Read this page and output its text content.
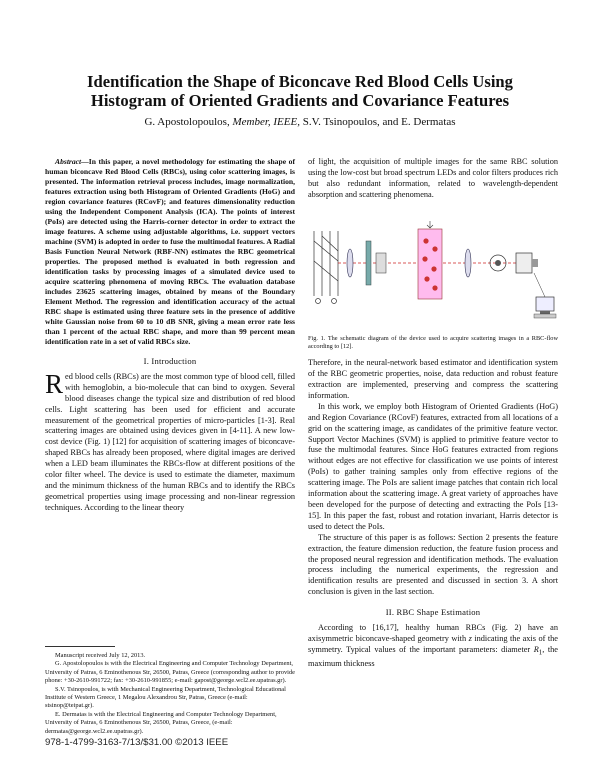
Identification the Shape of Biconcave Red Blood Cells Using
Histogram of Oriented Gradients and Covariance Features
G. Apostolopoulos, Member, IEEE, S.V. Tsinopoulos, and E. Dermatas

Abstract—In this paper, a novel methodology for estimating the shape of human biconcave Red Blood Cells (RBCs), using color scattering images, is presented. The information retrieval process includes, image normalization, features extraction using both Histogram of Oriented Gradients (HoG) and region covariance features (RCovF); and features dimensionality reduction using the Independent Component Analysis (ICA). The points of interest (PoIs) are detected using the Harris-corner detector in order to extract the image features. A scheme using adjustable algorithms, i.e. support vectors machine (SVM) is adopted in order to fuse the multimodal features. A Radial Basis Function Neural Network (RBF-NN) estimates the RBC geometrical properties. The proposed method is evaluated in both regression and identification tasks by processing images of a simulated device used to acquire scattering phenomena of moving RBCs. The evaluation database includes 23625 scattering images, obtained by means of the Boundary Element Method. The regression and identification accuracy of the actual RBC shape is estimated using three feature sets in the presence of additive white Gaussian noise from 60 to 10 dB SNR, giving a mean error rate less than 1 percent of the actual RBC shape, and more than 99 percent mean identification rate in a set of valid RBCs size.

I. Introduction

Red blood cells (RBCs) are the most common type of blood cell, filled with hemoglobin, a bio-molecule that can bind to oxygen. Several blood diseases change the typical size and distribution of red blood cells. Light scattering has been used for efficient and accurate measurement of the geometrical properties of micro-particles [1-3]. Real scattering images are obtained using devices given in [4-11]. A new low-cost device (Fig. 1) [12] for acquisition of scattering images of biconcave-shaped RBCs has already been proposed, where digital images are derived when a LED beam illuminates the RBCs-flow at different positions of the color filter wheel. The device is used to estimate the diameter, maximum and the minimum thickness of the human RBCs and to identify the RBCs geometrical properties using image processing and non-linear regression techniques. According to the linear theory

Manuscript received July 12, 2013.

G. Apostolopoulos is with the Electrical Engineering and Computer Technology Department, University of Patras, 6 Eminothenous Str, 26500, Patras, Greece (corresponding author to provide phone: +30-2610-991722; fax: +30-2610-991855; e-mail: gapost@george.wcl2.ee.upatras.gr).

S.V. Tsinopoulos, is with Mechanical Engineering Department, Technological Educational Institute of Western Greece, 1 Megalou Alexandrou Str, Patras, Greece (e-mail: stsinop@teipat.gr).

E. Dermatas is with the Electrical Engineering and Computer Technology Department, University of Patras, 6 Eminothenous Str, 26500, Patras, Greece, (e-mail: dermatas@george.wcl2.ee.upatras.gr).

978-1-4799-3163-7/13/$31.00 ©2013 IEEE

of light, the acquisition of multiple images for the same RBC solution using the low-cost but broad spectrum LEDs and color filters produces rich but also redundant information, related to wavelength-dependent absorption and scattering phenomena.

Fig. 1. The schematic diagram of the device used to acquire scattering images in a RBC-flow according to [12].

Therefore, in the neural-network based estimator and identification system of the RBC geometric properties, noise, data reduction and robust feature extraction are implemented, preserving and compress the scattering information.

In this work, we employ both Histogram of Oriented Gradients (HoG) and Region Covariance (RCovF) features, extracted from all locations of a grid on the scattering image, as candidates of the primitive feature vector. Support Vector Machines (SVM) is applied to primitive feature vector to fuse the multimodal features. Since HoG features extracted from regions without edges are not effective for classification we use points of interest (PoIs) to gather training samples only from effective regions of the scattering image. The PoIs are salient image patches that contain rich local information about the scattering image. A great variety of approaches have been developed for the purpose of detecting and extracting the PoIs [13-15]. In this paper the fast, robust and rotation invariant, Harris detector is used to detect the PoIs.

The structure of this paper is as follows: Section 2 presents the feature extraction, the feature dimension reduction, the feature fusion process and the proposed neural regression and identification methods. The evaluation process including the numerical experiments, the regression and identification results are presented and discussed in section 3. A short conclusion is given in the last section.

II. RBC Shape Estimation

According to [16,17], healthy human RBCs (Fig. 2) have an axisymmetric biconcave-shaped geometry with z indicating the axis of the symmetry. Typical values of the important parameters: diameter $R_1$, the maximum thickness
